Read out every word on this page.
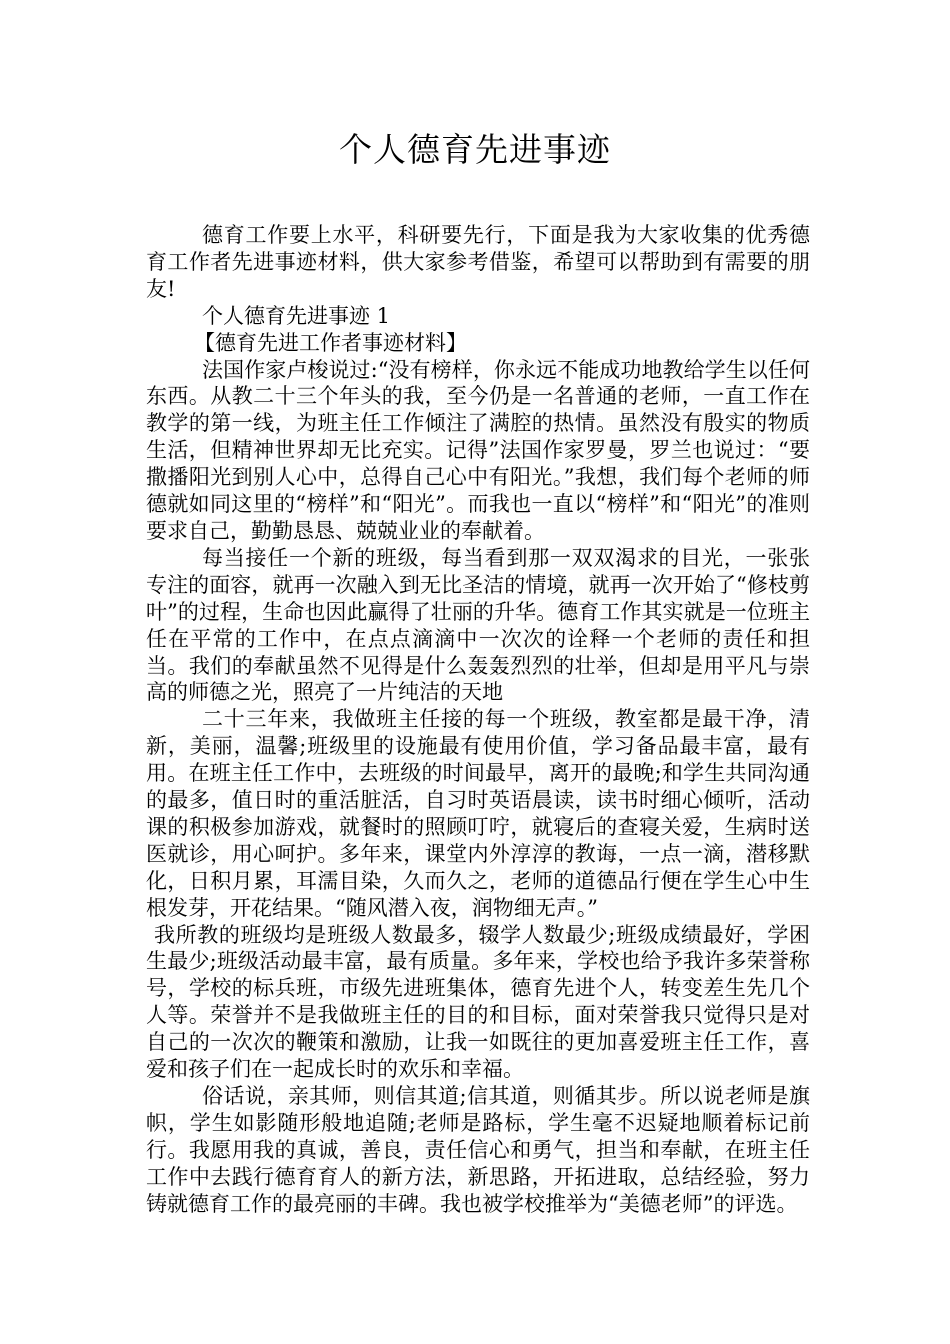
个人德育先进事迹

德育工作要上水平，科研要先行，下面是我为大家收集的优秀德育工作者先进事迹材料，供大家参考借鉴，希望可以帮助到有需要的朋友!

个人德育先进事迹 1

【德育先进工作者事迹材料】

法国作家卢梭说过:“没有榜样，你永远不能成功地教给学生以任何东西。从教二十三个年头的我，至今仍是一名普通的老师，一直工作在教学的第一线，为班主任工作倾注了满腔的热情。虽然没有殷实的物质生活，但精神世界却无比充实。记得”法国作家罗曼，罗兰也说过：“要撒播阳光到别人心中，总得自己心中有阳光。”我想，我们每个老师的师德就如同这里的“榜样”和“阳光”。而我也一直以“榜样”和“阳光”的准则要求自己，勤勤恳恳、兢兢业业的奉献着。

每当接任一个新的班级，每当看到那一双双渴求的目光，一张张专注的面容，就再一次融入到无比圣洁的情境，就再一次开始了“修枝剪叶”的过程，生命也因此赢得了壮丽的升华。德育工作其实就是一位班主任在平常的工作中，在点点滴滴中一次次的诠释一个老师的责任和担当。我们的奉献虽然不见得是什么轰轰烈烈的壮举，但却是用平凡与崇高的师德之光，照亮了一片纯洁的天地

二十三年来，我做班主任接的每一个班级，教室都是最干净，清新，美丽，温馨;班级里的设施最有使用价值，学习备品最丰富，最有用。在班主任工作中，去班级的时间最早，离开的最晚;和学生共同沟通的最多，值日时的重活脏活，自习时英语晨读，读书时细心倾听，活动课的积极参加游戏，就餐时的照顾叮咛，就寝后的查寝关爱，生病时送医就诊，用心呵护。多年来，课堂内外淳淳的教诲，一点一滴，潜移默化，日积月累，耳濡目染，久而久之，老师的道德品行便在学生心中生根发芽，开花结果。“随风潜入夜，润物细无声。”

我所教的班级均是班级人数最多，辍学人数最少;班级成绩最好，学困生最少;班级活动最丰富，最有质量。多年来，学校也给予我许多荣誉称号，学校的标兵班，市级先进班集体，德育先进个人，转变差生先几个人等。荣誉并不是我做班主任的目的和目标，面对荣誉我只觉得只是对自己的一次次的鞭策和激励，让我一如既往的更加喜爱班主任工作，喜爱和孩子们在一起成长时的欢乐和幸福。

俗话说，亲其师，则信其道;信其道，则循其步。所以说老师是旗帜，学生如影随形般地追随;老师是路标，学生毫不迟疑地顺着标记前行。我愿用我的真诚，善良，责任信心和勇气，担当和奉献，在班主任工作中去践行德育育人的新方法，新思路，开拓进取，总结经验，努力铸就德育工作的最亮丽的丰碑。我也被学校推举为“美德老师”的评选。
